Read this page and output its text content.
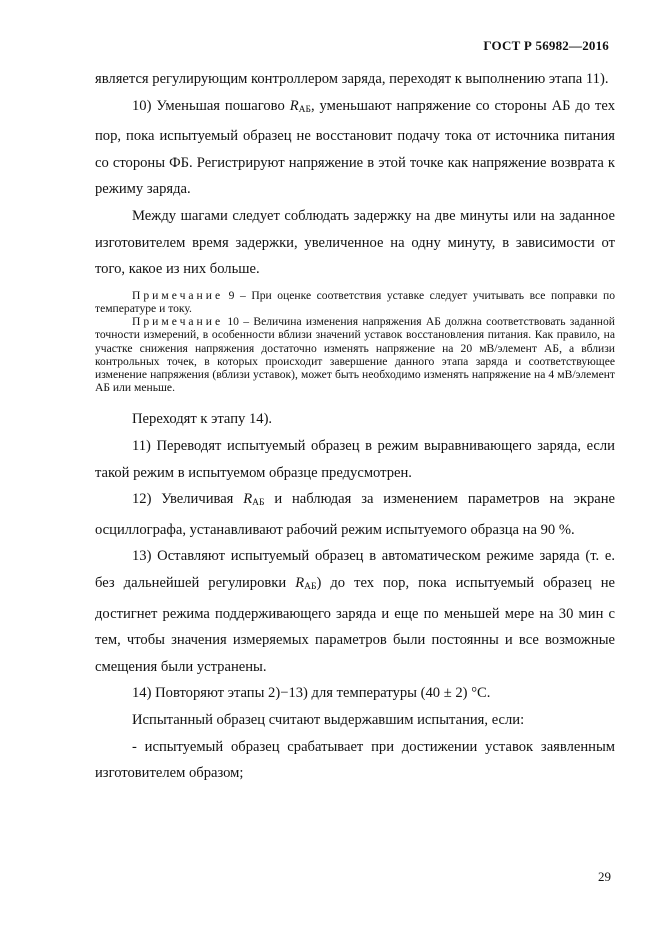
ГОСТ Р 56982—2016

является регулирующим контроллером заряда, переходят к выполнению этапа 11).

10) Уменьшая пошагово $R_{АБ}$, уменьшают напряжение со стороны АБ до тех пор, пока испытуемый образец не восстановит подачу тока от источника питания со стороны ФБ. Регистрируют напряжение в этой точке как напряжение возврата к режиму заряда.

Между шагами следует соблюдать задержку на две минуты или на заданное изготовителем время задержки, увеличенное на одну минуту, в зависимости от того, какое из них больше.

Примечание 9 – При оценке соответствия уставке следует учитывать все поправки по температуре и току.

Примечание 10 – Величина изменения напряжения АБ должна соответствовать заданной точности измерений, в особенности вблизи значений уставок восстановления питания. Как правило, на участке снижения напряжения достаточно изменять напряжение на 20 мВ/элемент АБ, а вблизи контрольных точек, в которых происходит завершение данного этапа заряда и соответствующее изменение напряжения (вблизи уставок), может быть необходимо изменять напряжение на 4 мВ/элемент АБ или меньше.

Переходят к этапу 14).

11) Переводят испытуемый образец в режим выравнивающего заряда, если такой режим в испытуемом образце предусмотрен.

12) Увеличивая $R_{АБ}$ и наблюдая за изменением параметров на экране осциллографа, устанавливают рабочий режим испытуемого образца на 90 %.

13) Оставляют испытуемый образец в автоматическом режиме заряда (т. е. без дальнейшей регулировки $R_{АБ}$) до тех пор, пока испытуемый образец не достигнет режима поддерживающего заряда и еще по меньшей мере на 30 мин с тем, чтобы значения измеряемых параметров были постоянны и все возможные смещения были устранены.

14) Повторяют этапы 2)−13) для температуры (40 ± 2) °С.

Испытанный образец считают выдержавшим испытания, если:

- испытуемый образец срабатывает при достижении уставок заявленным изготовителем образом;

29
